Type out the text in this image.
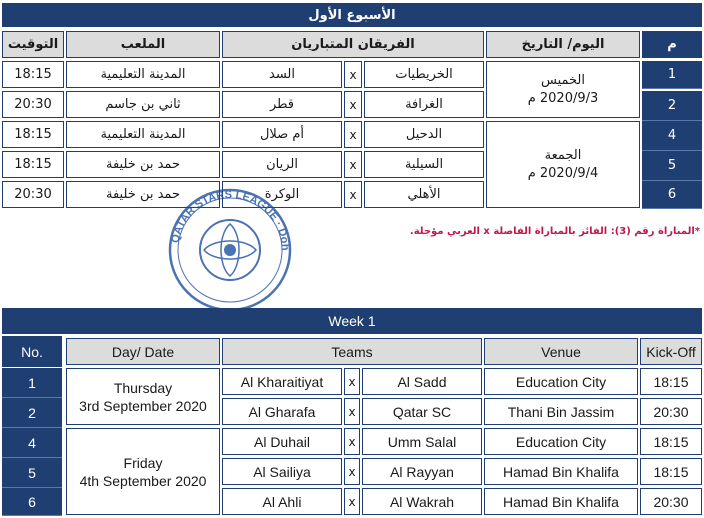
الأسبوع الأول
التوقيت	الملعب	الفريقان المتباريان	اليوم/ التاريخ	م
الخميس
2020/9/3 م
الجمعة
2020/9/4 م
18:15	المدينة التعليمية	السد	x	الخريطيات	1
20:30	ثاني بن جاسم	قطر	x	الغرافة	2
18:15	المدينة التعليمية	أم صلال	x	الدحيل	4
18:15	حمد بن خليفة	الريان	x	السيلية	5
20:30	حمد بن خليفة	الوكرة	x	الأهلي	6
*المباراة رقم (3): الفائز بالمباراة الفاصلة x العربي مؤجلة.
QATAR STARS LEAGUE · Doh
Week 1
No.	Day/ Date	Teams	Venue	Kick-Off
Thursday
3rd September 2020
Friday
4th September 2020
1	Al Kharaitiyat x	Al Sadd	Education City	18:15
2	Al Gharafa	x	Qatar SC	Thani Bin Jassim	20:30
4	Al Duhail	x Umm Salal	Education City	18:15
5	Al Sailiya	x Al Rayyan	Hamad Bin Khalifa 18:15
6	Al Ahli	x Al Wakrah	Hamad Bin Khalifa 20:30
